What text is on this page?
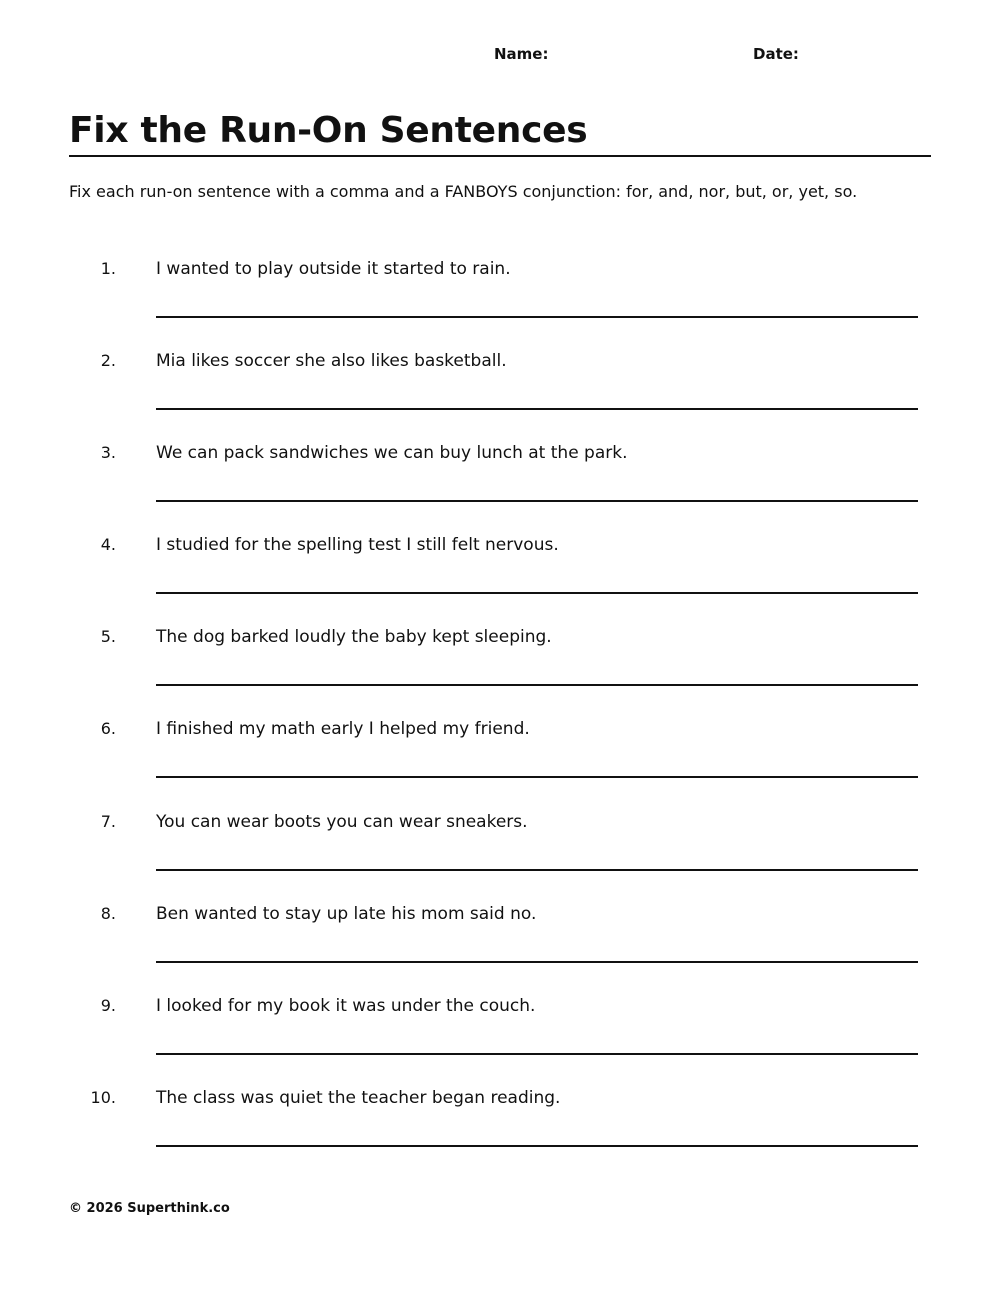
Name:	Date:
Fix the Run-On Sentences
Fix each run-on sentence with a comma and a FANBOYS conjunction: for, and, nor, but, or, yet, so.
1. I wanted to play outside it started to rain.
2. Mia likes soccer she also likes basketball.
3. We can pack sandwiches we can buy lunch at the park.
4. I studied for the spelling test I still felt nervous.
5. The dog barked loudly the baby kept sleeping.
6. I finished my math early I helped my friend.
7. You can wear boots you can wear sneakers.
8. Ben wanted to stay up late his mom said no.
9. I looked for my book it was under the couch.
10. The class was quiet the teacher began reading.
© 2026 Superthink.co
